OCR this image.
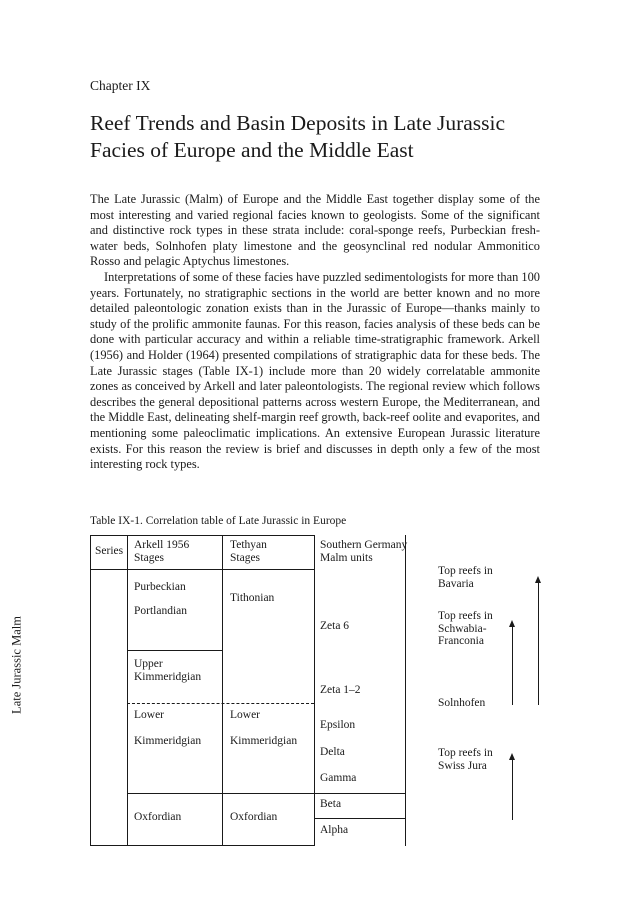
Chapter IX
Reef Trends and Basin Deposits in Late Jurassic Facies of Europe and the Middle East

The Late Jurassic (Malm) of Europe and the Middle East together display some of the most interesting and varied regional facies known to geologists. Some of the significant and distinctive rock types in these strata include: coral-sponge reefs, Purbeckian fresh-water beds, Solnhofen platy limestone and the geosynclinal red nodular Ammonitico Rosso and pelagic Aptychus limestones.

Interpretations of some of these facies have puzzled sedimentologists for more than 100 years. Fortunately, no stratigraphic sections in the world are better known and no more detailed paleontologic zonation exists than in the Jurassic of Europe—thanks mainly to study of the prolific ammonite faunas. For this reason, facies analysis of these beds can be done with particular accuracy and within a reliable time-stratigraphic framework. Arkell (1956) and Holder (1964) presented compilations of stratigraphic data for these beds. The Late Jurassic stages (Table IX-1) include more than 20 widely correlatable ammonite zones as conceived by Arkell and later paleontologists. The regional review which follows describes the general depositional patterns across western Europe, the Mediterranean, and the Middle East, delineating shelf-margin reef growth, back-reef oolite and evaporites, and mentioning some paleoclimatic implications. An extensive European Jurassic literature exists. For this reason the review is brief and discusses in depth only a few of the most interesting rock types.

Table IX-1. Correlation table of Late Jurassic in Europe
Series Arkell 1956
Stages
Tethyan
Stages
Southern Germany
Malm units
Late Jurassic Malm
Purbeckian
Portlandian
Upper
Kimmeridgian
Lower
Kimmeridgian
Oxfordian
Tithonian
Lower
Kimmeridgian
Oxfordian
Zeta 6
Zeta 1–2
Epsilon
Delta
Gamma
Beta
Alpha
Top reefs in
Bavaria
Top reefs in
Schwabia-
Franconia
Solnhofen
Top reefs in
Swiss Jura
